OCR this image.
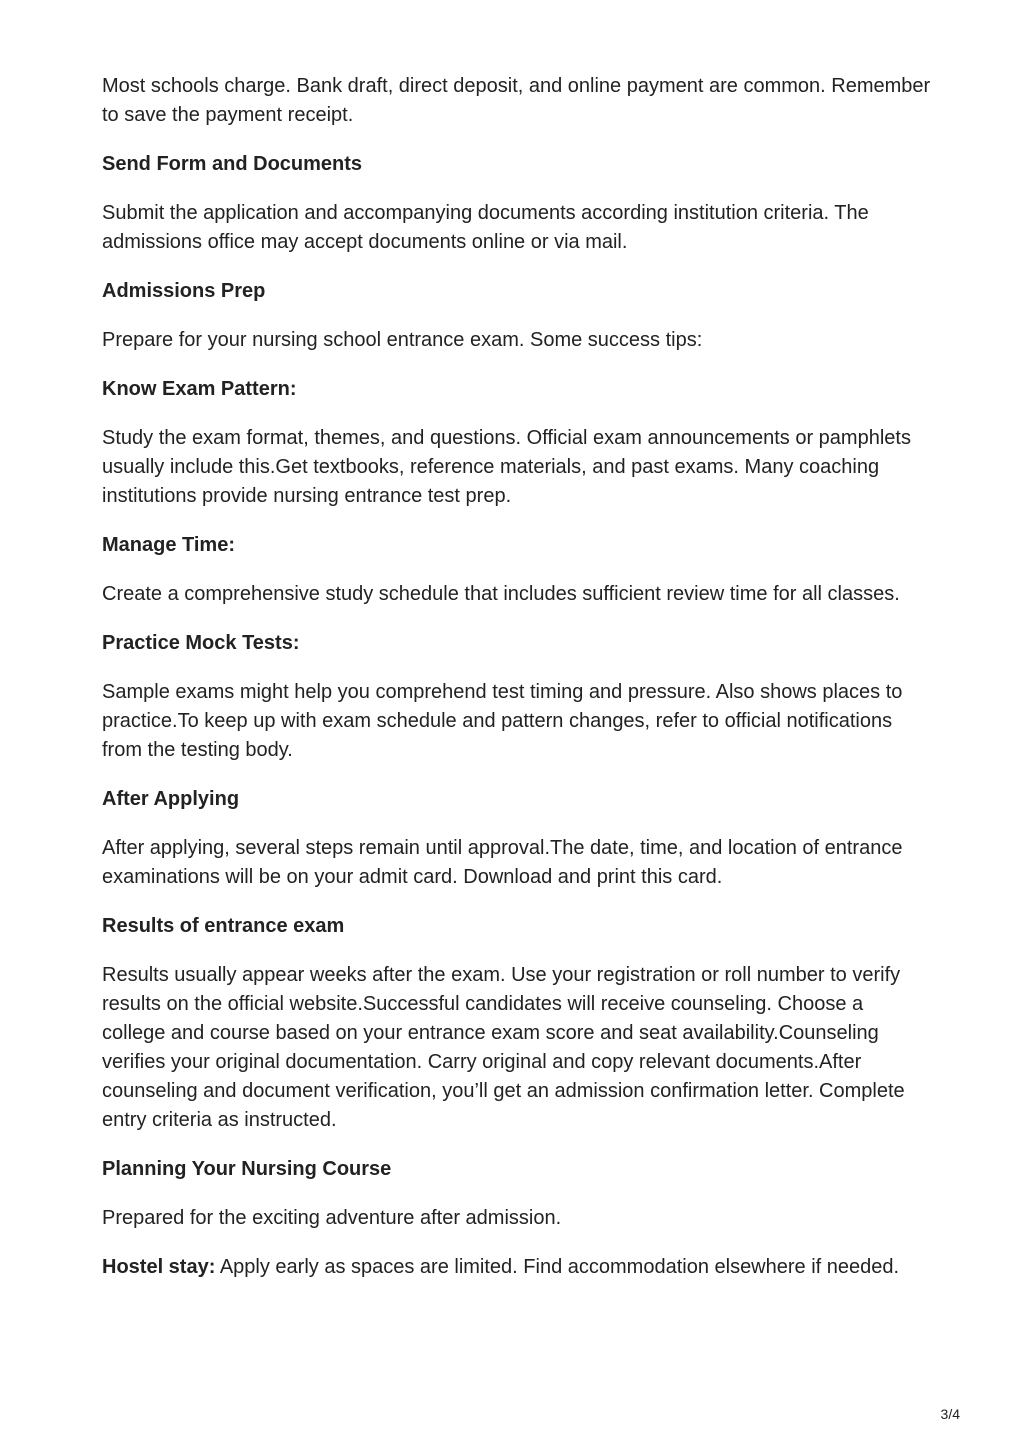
Most schools charge. Bank draft, direct deposit, and online payment are common. Remember to save the payment receipt.
Send Form and Documents
Submit the application and accompanying documents according institution criteria. The admissions office may accept documents online or via mail.
Admissions Prep
Prepare for your nursing school entrance exam. Some success tips:
Know Exam Pattern:
Study the exam format, themes, and questions. Official exam announcements or pamphlets usually include this.Get textbooks, reference materials, and past exams. Many coaching institutions provide nursing entrance test prep.
Manage Time:
Create a comprehensive study schedule that includes sufficient review time for all classes.
Practice Mock Tests:
Sample exams might help you comprehend test timing and pressure. Also shows places to practice.To keep up with exam schedule and pattern changes, refer to official notifications from the testing body.
After Applying
After applying, several steps remain until approval.The date, time, and location of entrance examinations will be on your admit card. Download and print this card.
Results of entrance exam
Results usually appear weeks after the exam. Use your registration or roll number to verify results on the official website.Successful candidates will receive counseling. Choose a college and course based on your entrance exam score and seat availability.Counseling verifies your original documentation. Carry original and copy relevant documents.After counseling and document verification, you’ll get an admission confirmation letter. Complete entry criteria as instructed.
Planning Your Nursing Course
Prepared for the exciting adventure after admission.
Hostel stay: Apply early as spaces are limited. Find accommodation elsewhere if needed.
3/4
